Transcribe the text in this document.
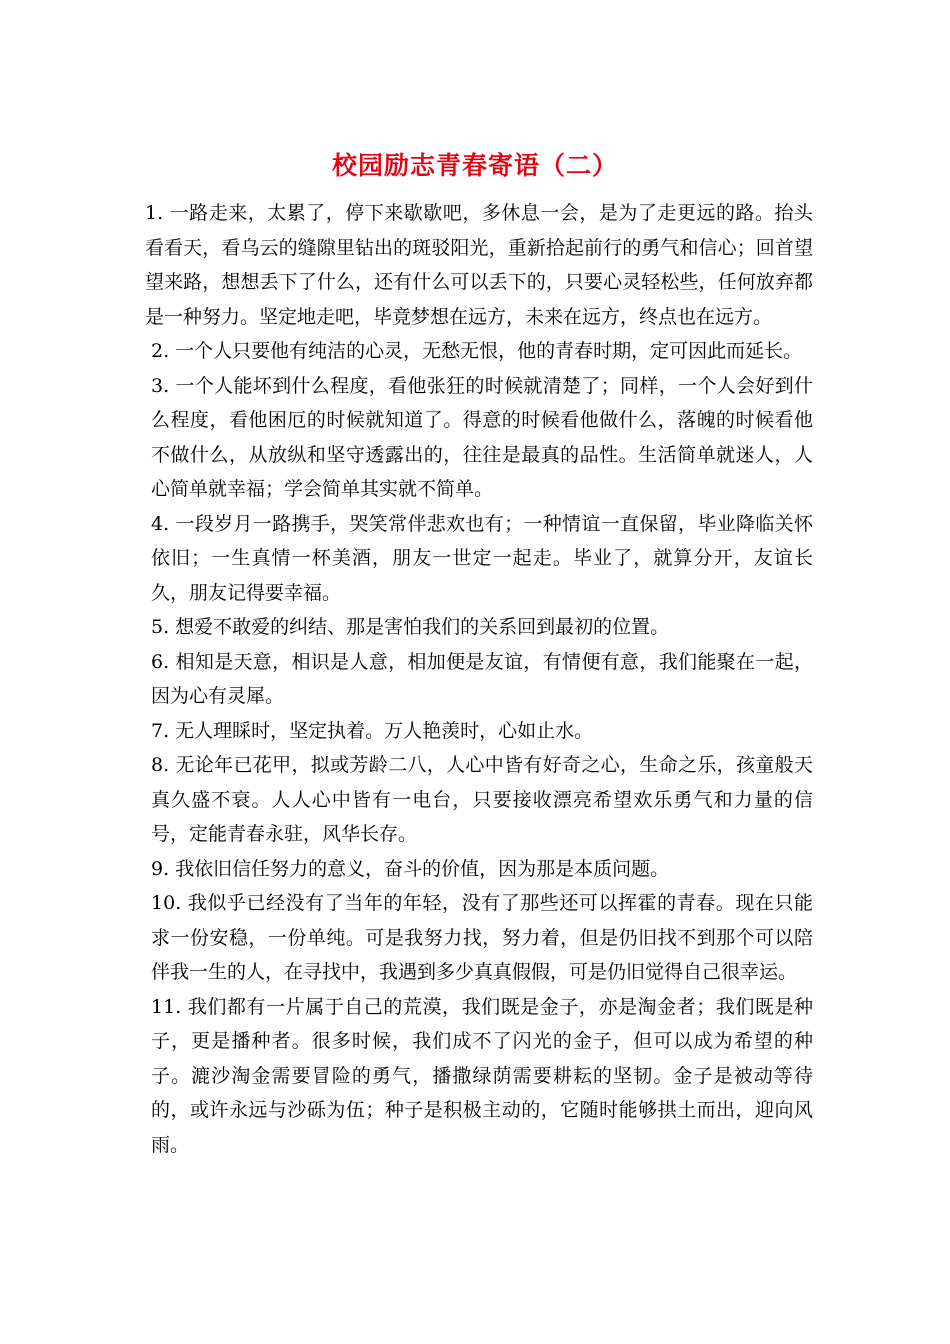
校园励志青春寄语（二）

1. 一路走来，太累了，停下来歇歇吧，多休息一会，是为了走更远的路。抬头看看天，看乌云的缝隙里钻出的斑驳阳光，重新拾起前行的勇气和信心；回首望望来路，想想丢下了什么，还有什么可以丢下的，只要心灵轻松些，任何放弃都是一种努力。坚定地走吧，毕竟梦想在远方，未来在远方，终点也在远方。

2. 一个人只要他有纯洁的心灵，无愁无恨，他的青春时期，定可因此而延长。

3. 一个人能坏到什么程度，看他张狂的时候就清楚了；同样，一个人会好到什么程度，看他困厄的时候就知道了。得意的时候看他做什么，落魄的时候看他不做什么，从放纵和坚守透露出的，往往是最真的品性。生活简单就迷人，人心简单就幸福；学会简单其实就不简单。

4. 一段岁月一路携手，哭笑常伴悲欢也有；一种情谊一直保留，毕业降临关怀依旧；一生真情一杯美酒，朋友一世定一起走。毕业了，就算分开，友谊长久，朋友记得要幸福。

5. 想爱不敢爱的纠结、那是害怕我们的关系回到最初的位置。

6. 相知是天意，相识是人意，相加便是友谊，有情便有意，我们能聚在一起，因为心有灵犀。

7. 无人理睬时，坚定执着。万人艳羡时，心如止水。

8. 无论年已花甲，拟或芳龄二八，人心中皆有好奇之心，生命之乐，孩童般天真久盛不衰。人人心中皆有一电台，只要接收漂亮希望欢乐勇气和力量的信号，定能青春永驻，风华长存。

9. 我依旧信任努力的意义，奋斗的价值，因为那是本质问题。

10. 我似乎已经没有了当年的年轻，没有了那些还可以挥霍的青春。现在只能求一份安稳，一份单纯。可是我努力找，努力着，但是仍旧找不到那个可以陪伴我一生的人，在寻找中，我遇到多少真真假假，可是仍旧觉得自己很幸运。

11. 我们都有一片属于自己的荒漠，我们既是金子，亦是淘金者；我们既是种子，更是播种者。很多时候，我们成不了闪光的金子，但可以成为希望的种子。漉沙淘金需要冒险的勇气，播撒绿荫需要耕耘的坚韧。金子是被动等待的，或许永远与沙砾为伍；种子是积极主动的，它随时能够拱土而出，迎向风雨。
